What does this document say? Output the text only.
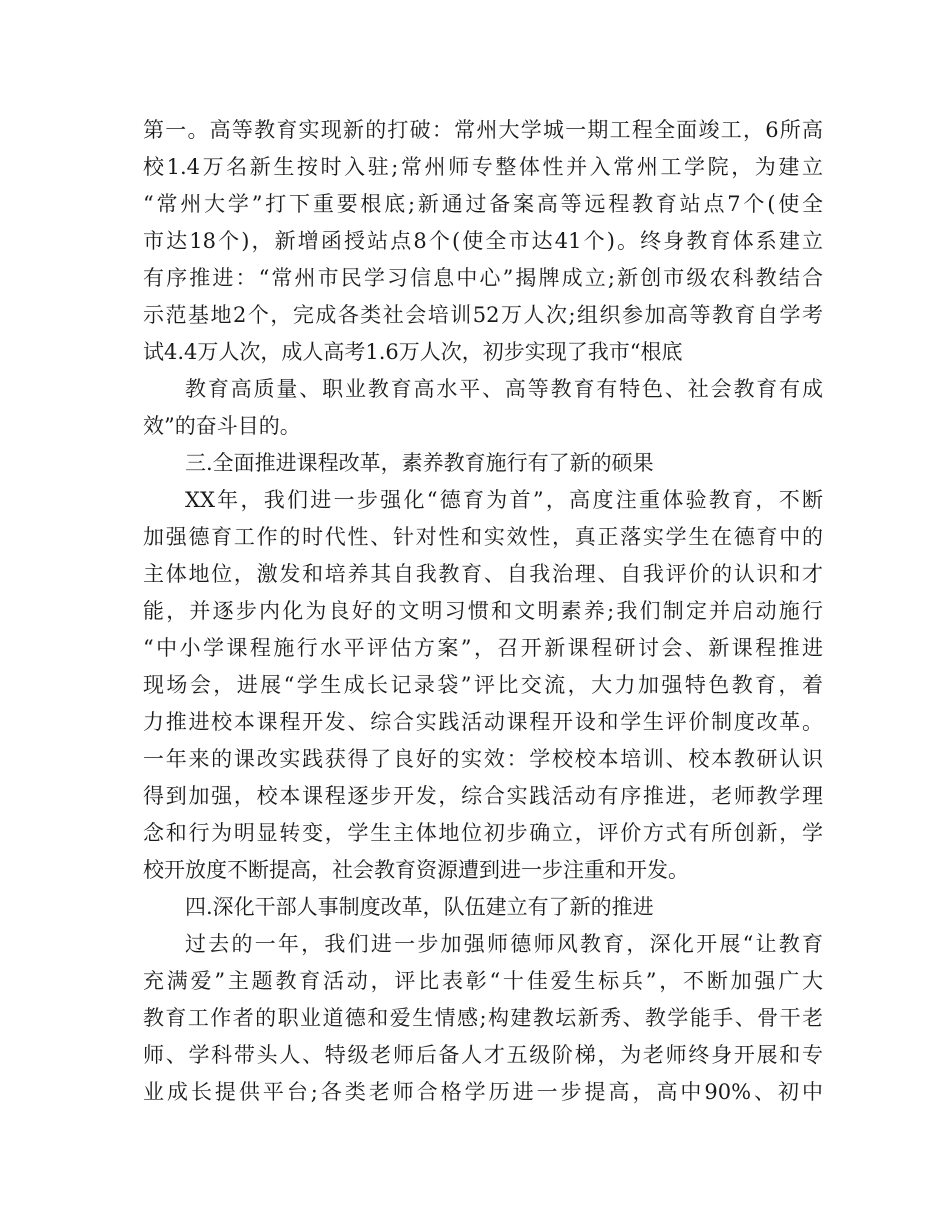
第一。高等教育实现新的打破：常州大学城一期工程全面竣工，6所高
校1.4万名新生按时入驻;常州师专整体性并入常州工学院，为建立
“常州大学”打下重要根底;新通过备案高等远程教育站点7个(使全
市达18个)，新增函授站点8个(使全市达41个)。终身教育体系建立
有序推进：“常州市民学习信息中心”揭牌成立;新创市级农科教结合
示范基地2个，完成各类社会培训52万人次;组织参加高等教育自学考
试4.4万人次，成人高考1.6万人次，初步实现了我市“根底
教育高质量、职业教育高水平、高等教育有特色、社会教育有成
效”的奋斗目的。
三.全面推进课程改革，素养教育施行有了新的硕果
XX年，我们进一步强化“德育为首”，高度注重体验教育，不断
加强德育工作的时代性、针对性和实效性，真正落实学生在德育中的
主体地位，激发和培养其自我教育、自我治理、自我评价的认识和才
能，并逐步内化为良好的文明习惯和文明素养;我们制定并启动施行
“中小学课程施行水平评估方案”，召开新课程研讨会、新课程推进
现场会，进展“学生成长记录袋”评比交流，大力加强特色教育，着
力推进校本课程开发、综合实践活动课程开设和学生评价制度改革。
一年来的课改实践获得了良好的实效：学校校本培训、校本教研认识
得到加强，校本课程逐步开发，综合实践活动有序推进，老师教学理
念和行为明显转变，学生主体地位初步确立，评价方式有所创新，学
校开放度不断提高，社会教育资源遭到进一步注重和开发。
四.深化干部人事制度改革，队伍建立有了新的推进
过去的一年，我们进一步加强师德师风教育，深化开展“让教育
充满爱”主题教育活动，评比表彰“十佳爱生标兵”，不断加强广大
教育工作者的职业道德和爱生情感;构建教坛新秀、教学能手、骨干老
师、学科带头人、特级老师后备人才五级阶梯，为老师终身开展和专
业成长提供平台;各类老师合格学历进一步提高，高中90%、初中
